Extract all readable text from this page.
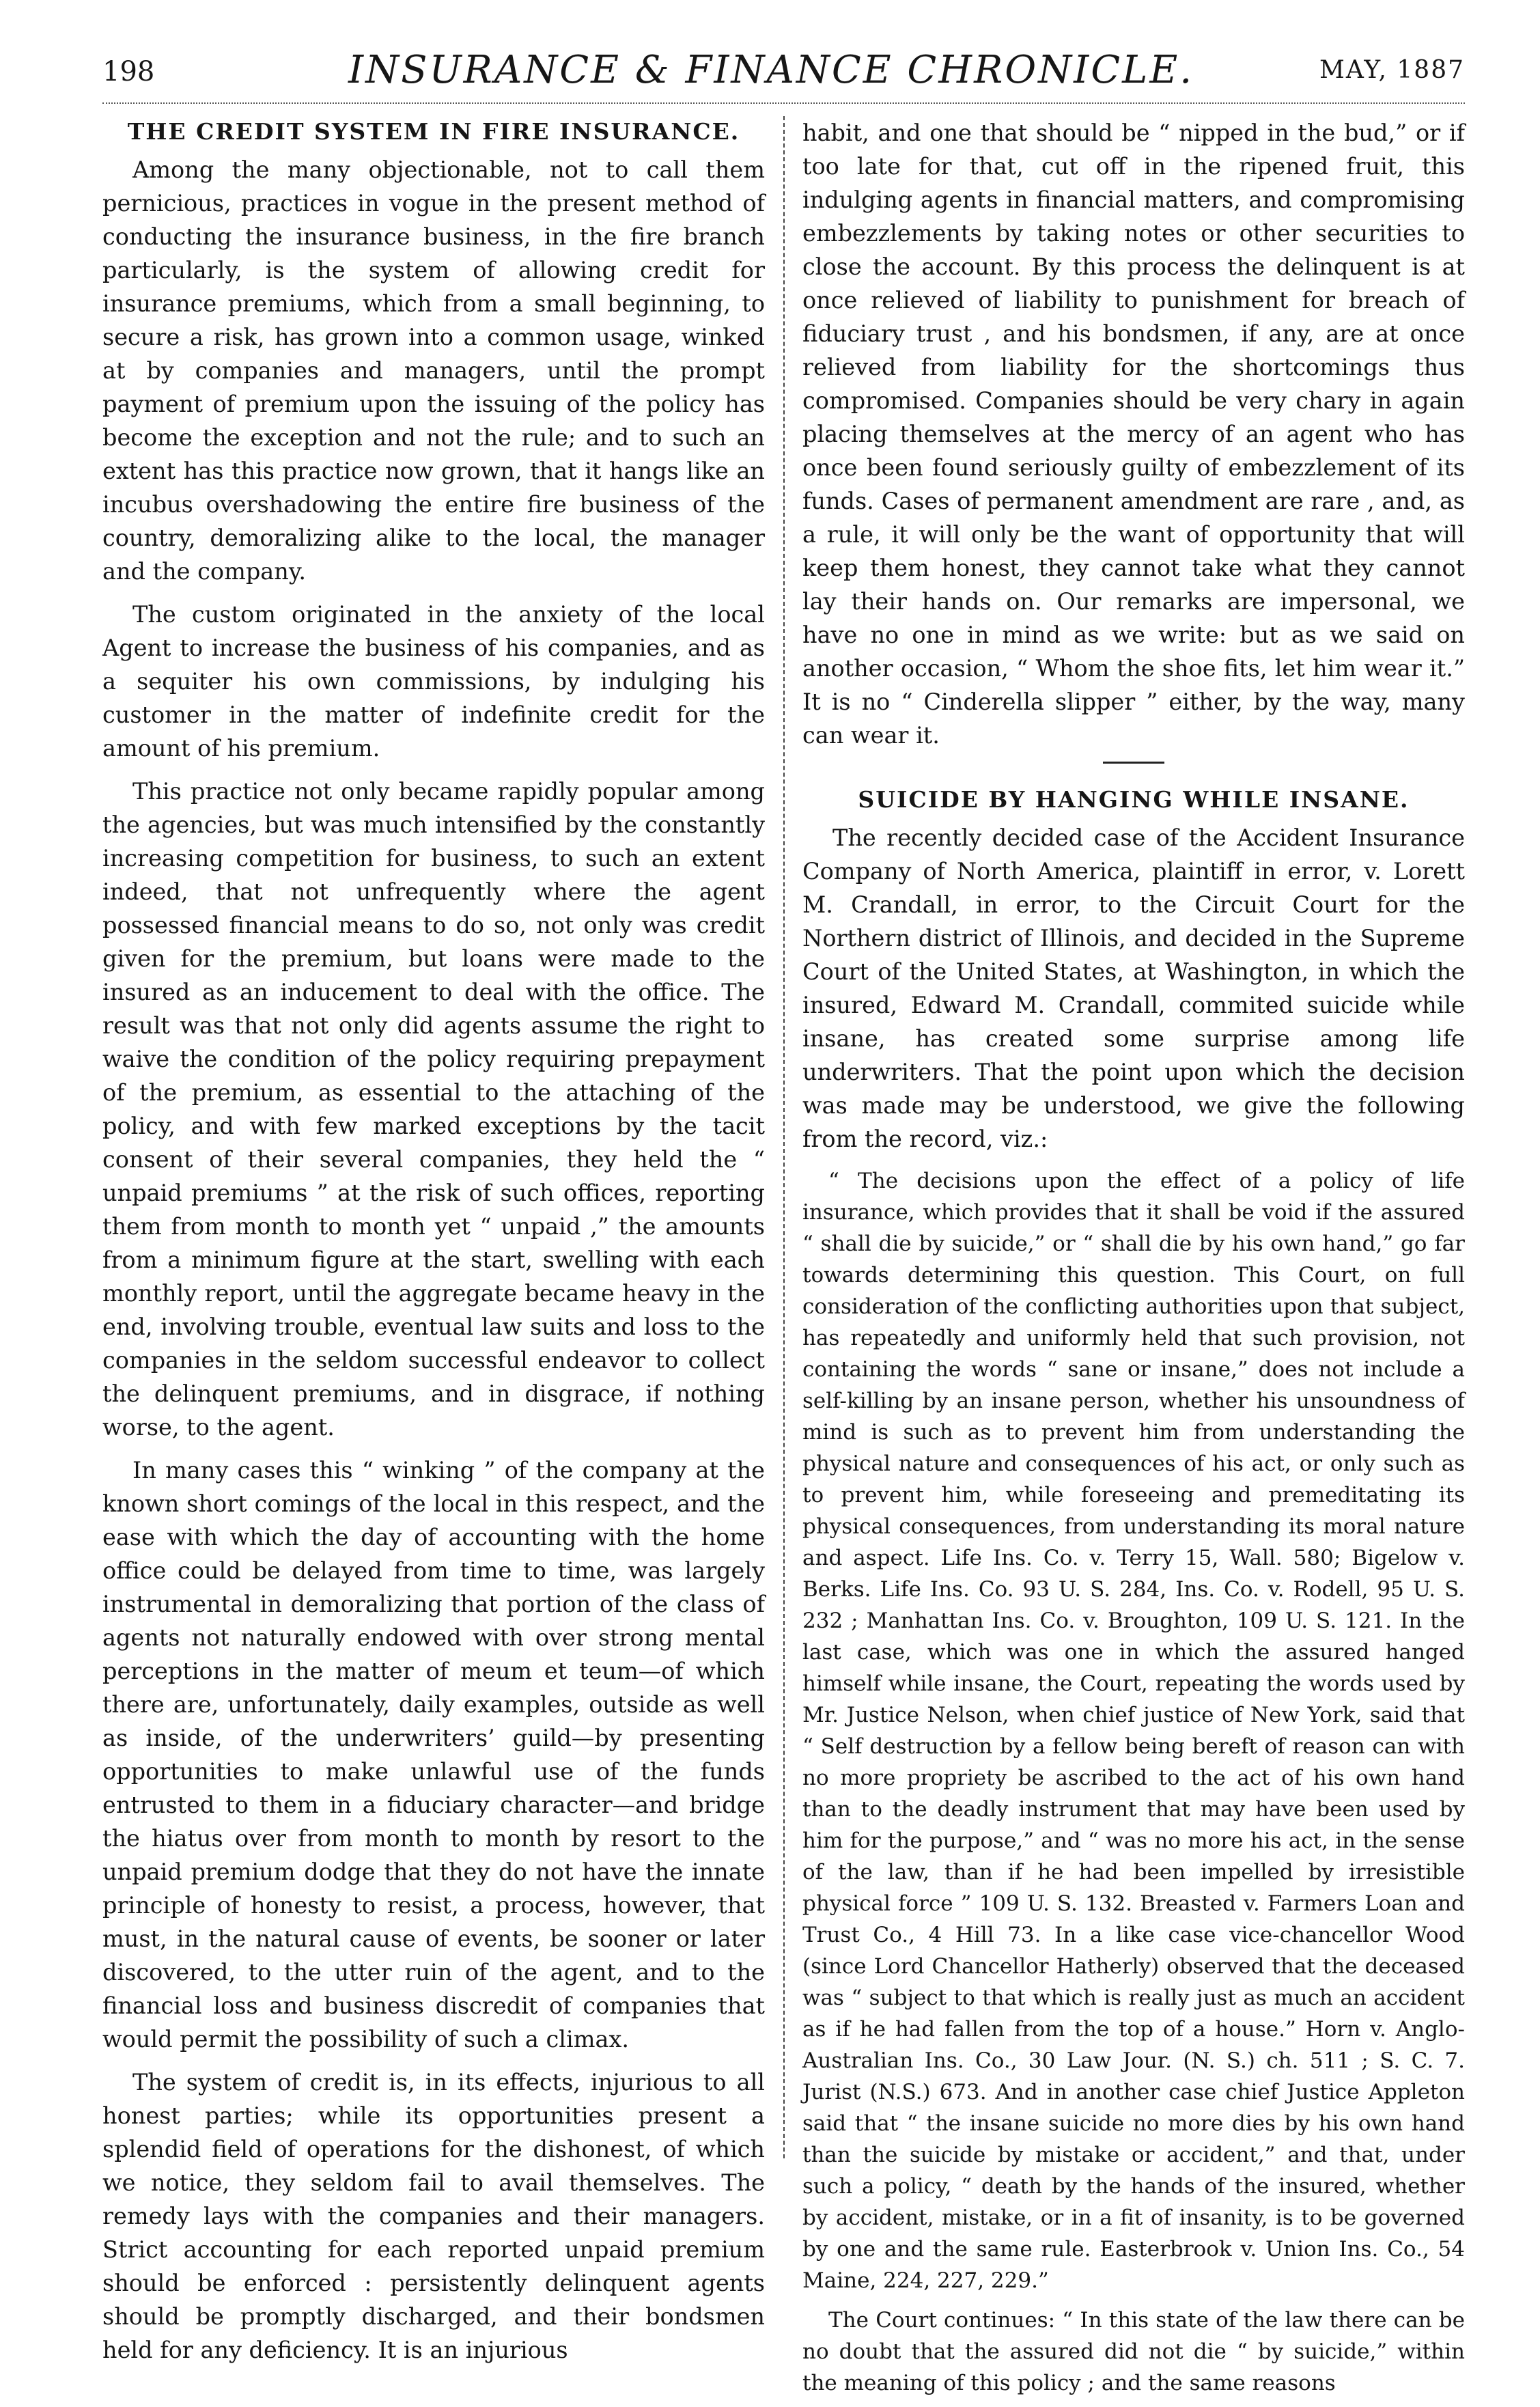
198	INSURANCE & FINANCE CHRONICLE.	MAY, 1887
THE CREDIT SYSTEM IN FIRE INSURANCE.

Among the many objectionable, not to call them pernicious, practices in vogue in the present method of conducting the insurance business, in the fire branch particularly, is the system of allowing credit for insurance premiums, which from a small beginning, to secure a risk, has grown into a common usage, winked at by companies and managers, until the prompt payment of premium upon the issuing of the policy has become the exception and not the rule; and to such an extent has this practice now grown, that it hangs like an incubus overshadowing the entire fire business of the country, demoralizing alike to the local, the manager and the company.

The custom originated in the anxiety of the local Agent to increase the business of his companies, and as a sequiter his own commissions, by indulging his customer in the matter of indefinite credit for the amount of his premium.

This practice not only became rapidly popular among the agencies, but was much intensified by the constantly increasing competition for business, to such an extent indeed, that not unfrequently where the agent possessed financial means to do so, not only was credit given for the premium, but loans were made to the insured as an inducement to deal with the office. The result was that not only did agents assume the right to waive the condition of the policy requiring prepayment of the premium, as essential to the attaching of the policy, and with few marked exceptions by the tacit consent of their several companies, they held the “ unpaid premiums ” at the risk of such offices, reporting them from month to month yet “ unpaid ,” the amounts from a minimum figure at the start, swelling with each monthly report, until the aggregate became heavy in the end, involving trouble, eventual law suits and loss to the companies in the seldom successful endeavor to collect the delinquent premiums, and in disgrace, if nothing worse, to the agent.

In many cases this “ winking ” of the company at the known short comings of the local in this respect, and the ease with which the day of accounting with the home office could be delayed from time to time, was largely instrumental in demoralizing that portion of the class of agents not naturally endowed with over strong mental perceptions in the matter of meum et teum—of which there are, unfortunately, daily examples, outside as well as inside, of the underwriters’ guild—by presenting opportunities to make unlawful use of the funds entrusted to them in a fiduciary character—and bridge the hiatus over from month to month by resort to the unpaid premium dodge that they do not have the innate principle of honesty to resist, a process, however, that must, in the natural cause of events, be sooner or later discovered, to the utter ruin of the agent, and to the financial loss and business discredit of companies that would permit the possibility of such a climax.

The system of credit is, in its effects, injurious to all honest parties; while its opportunities present a splendid field of operations for the dishonest, of which we notice, they seldom fail to avail themselves. The remedy lays with the companies and their managers. Strict accounting for each reported unpaid premium should be enforced : persistently delinquent agents should be promptly discharged, and their bondsmen held for any deficiency. It is an injurious

habit, and one that should be “ nipped in the bud,” or if too late for that, cut off in the ripened fruit, this indulging agents in financial matters, and compromising embezzlements by taking notes or other securities to close the account. By this process the delinquent is at once relieved of liability to punishment for breach of fiduciary trust , and his bondsmen, if any, are at once relieved from liability for the shortcomings thus compromised. Companies should be very chary in again placing themselves at the mercy of an agent who has once been found seriously guilty of embezzlement of its funds. Cases of permanent amendment are rare , and, as a rule, it will only be the want of opportunity that will keep them honest, they cannot take what they cannot lay their hands on. Our remarks are impersonal, we have no one in mind as we write: but as we said on another occasion, “ Whom the shoe fits, let him wear it.” It is no “ Cinderella slipper ” either, by the way, many can wear it.

SUICIDE BY HANGING WHILE INSANE.

The recently decided case of the Accident Insurance Company of North America, plaintiff in error, v. Lorett M. Crandall, in error, to the Circuit Court for the Northern district of Illinois, and decided in the Supreme Court of the United States, at Washington, in which the insured, Edward M. Crandall, commited suicide while insane, has created some surprise among life underwriters. That the point upon which the decision was made may be understood, we give the following from the record, viz.:

“ The decisions upon the effect of a policy of life insurance, which provides that it shall be void if the assured “ shall die by suicide,” or “ shall die by his own hand,” go far towards determining this question. This Court, on full consideration of the conflicting authorities upon that subject, has repeatedly and uniformly held that such provision, not containing the words “ sane or insane,” does not include a self-killing by an insane person, whether his unsoundness of mind is such as to prevent him from understanding the physical nature and consequences of his act, or only such as to prevent him, while foreseeing and premeditating its physical consequences, from understanding its moral nature and aspect. Life Ins. Co. v. Terry 15, Wall. 580; Bigelow v. Berks. Life Ins. Co. 93 U. S. 284, Ins. Co. v. Rodell, 95 U. S. 232 ; Manhattan Ins. Co. v. Broughton, 109 U. S. 121. In the last case, which was one in which the assured hanged himself while insane, the Court, repeating the words used by Mr. Justice Nelson, when chief justice of New York, said that “ Self destruction by a fellow being bereft of reason can with no more propriety be ascribed to the act of his own hand than to the deadly instrument that may have been used by him for the purpose,” and “ was no more his act, in the sense of the law, than if he had been impelled by irresistible physical force ” 109 U. S. 132. Breasted v. Farmers Loan and Trust Co., 4 Hill 73. In a like case vice-chancellor Wood (since Lord Chancellor Hatherly) observed that the deceased was “ subject to that which is really just as much an accident as if he had fallen from the top of a house.” Horn v. Anglo-Australian Ins. Co., 30 Law Jour. (N. S.) ch. 511 ; S. C. 7. Jurist (N.S.) 673. And in another case chief Justice Appleton said that “ the insane suicide no more dies by his own hand than the suicide by mistake or accident,” and that, under such a policy, “ death by the hands of the insured, whether by accident, mistake, or in a fit of insanity, is to be governed by one and the same rule. Easterbrook v. Union Ins. Co., 54 Maine, 224, 227, 229.”

The Court continues: “ In this state of the law there can be no doubt that the assured did not die “ by suicide,” within the meaning of this policy ; and the same reasons
